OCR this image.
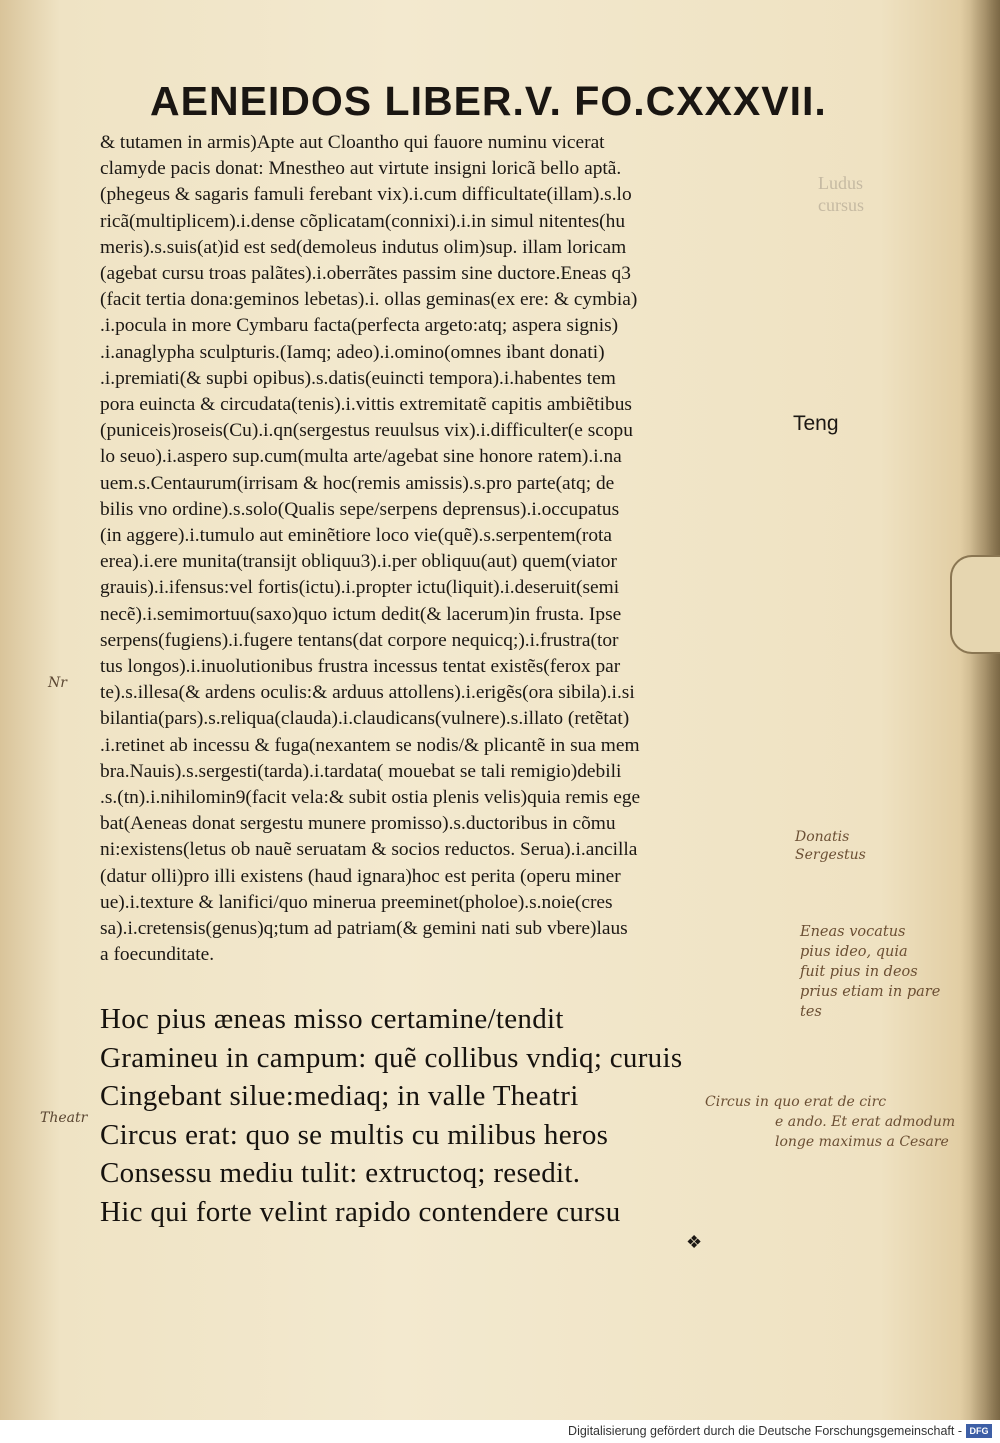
Ludus
cursus
AENEIDOS LIBER.V. FO.CXXXVII.
& tutamen in armis)Apte aut Cloantho qui fauore numinu vicerat
clamyde pacis donat: Mnestheo aut virtute insigni loricã bello aptã.
(phegeus & sagaris famuli ferebant vix).i.cum difficultate(illam).s.lo
ricã(multiplicem).i.dense cõplicatam(connixi).i.in simul nitentes(hu
meris).s.suis(at)id est sed(demoleus indutus olim)sup. illam loricam
(agebat cursu troas palãtes).i.oberrãtes passim sine ductore.Eneas q3
(facit tertia dona:geminos lebetas).i. ollas geminas(ex ere: & cymbia)
.i.pocula in more Cymbaru facta(perfecta argeto:atq; aspera signis)
.i.anaglypha sculpturis.(Iamq; adeo).i.omino(omnes ibant donati)
.i.premiati(& supbi opibus).s.datis(euincti tempora).i.habentes tem
pora euincta & circudata(tenis).i.vittis extremitatẽ capitis ambiẽtibus
(puniceis)roseis(Cu).i.qn(sergestus reuulsus vix).i.difficulter(e scopu
lo seuo).i.aspero sup.cum(multa arte/agebat sine honore ratem).i.na
uem.s.Centaurum(irrisam & hoc(remis amissis).s.pro parte(atq; de
bilis vno ordine).s.solo(Qualis sepe/serpens deprensus).i.occupatus
(in aggere).i.tumulo aut eminẽtiore loco vie(quẽ).s.serpentem(rota
erea).i.ere munita(transijt obliquu3).i.per obliquu(aut) quem(viator
grauis).i.ifensus:vel fortis(ictu).i.propter ictu(liquit).i.deseruit(semi
necẽ).i.semimortuu(saxo)quo ictum dedit(& lacerum)in frusta. Ipse
serpens(fugiens).i.fugere tentans(dat corpore nequicq;).i.frustra(tor
tus longos).i.inuolutionibus frustra incessus tentat existẽs(ferox par
te).s.illesa(& ardens oculis:& arduus attollens).i.erigẽs(ora sibila).i.si
bilantia(pars).s.reliqua(clauda).i.claudicans(vulnere).s.illato (retẽtat)
.i.retinet ab incessu & fuga(nexantem se nodis/& plicantẽ in sua mem
bra.Nauis).s.sergesti(tarda).i.tardata( mouebat se tali remigio)debili
.s.(tn).i.nihilomin9(facit vela:& subit ostia plenis velis)quia remis ege
bat(Aeneas donat sergestu munere promisso).s.ductoribus in cõmu
ni:existens(letus ob nauẽ seruatam & socios reductos. Serua).i.ancilla
(datur olli)pro illi existens (haud ignara)hoc est perita (operu miner
ue).i.texture & lanifici/quo minerua preeminet(pholoe).s.noie(cres
sa).i.cretensis(genus)q;tum ad patriam(& gemini nati sub vbere)laus
a foecunditate.
Teng
Hoc pius æneas misso certamine/tendit
Gramineu in campum: quẽ collibus vndiq; curuis
Cingebant silue:mediaq; in valle Theatri
Circus erat: quo se multis cu milibus heros
Consessu mediu tulit: extructoq; resedit.
Hic qui forte velint rapido contendere cursu
Donatis
Sergestus
Eneas vocatus
pius ideo, quia
fuit pius in deos
prius etiam in pare
tes
Circus in quo erat de circ
e ando. Et erat admodum
longe maximus a Cesare
Nr
Theatr
❖
Digitalisierung gefördert durch die Deutsche Forschungsgemeinschaft - DFG
